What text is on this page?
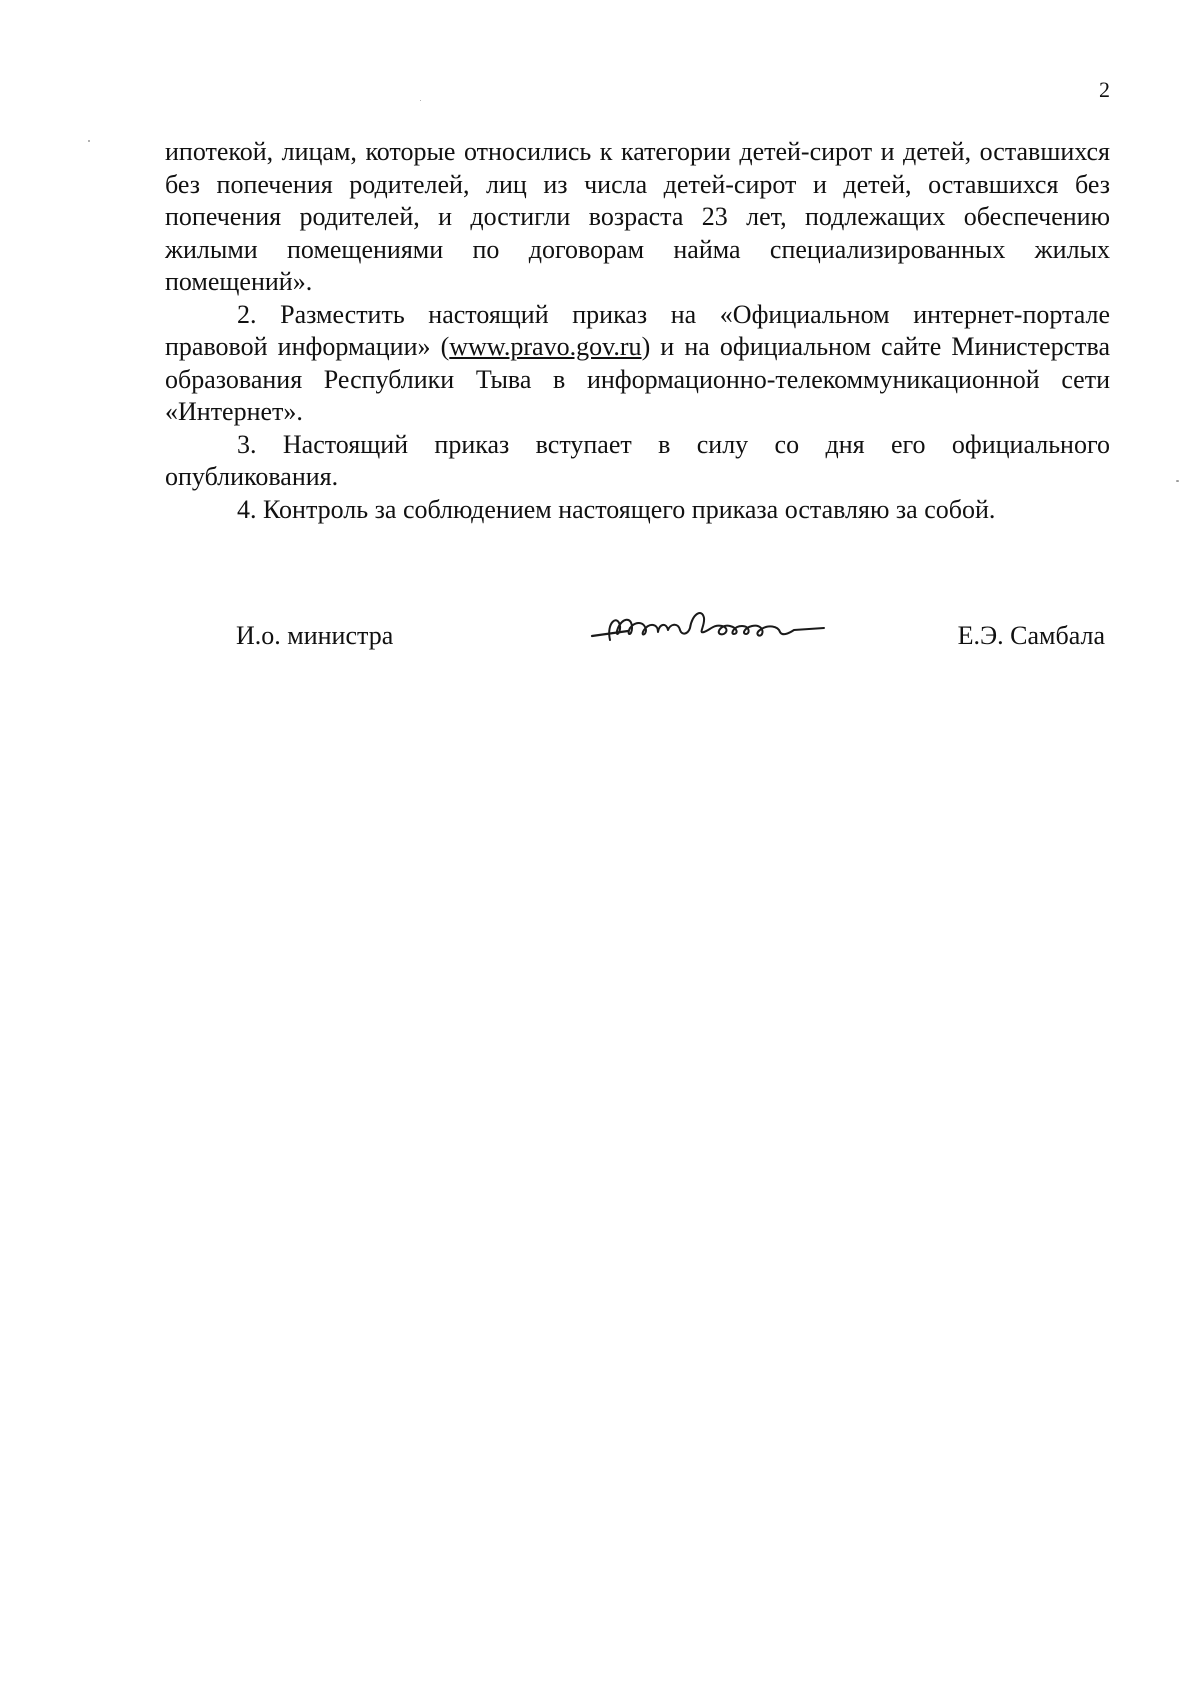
2

ипотекой, лицам, которые относились к категории детей-сирот и детей, оставшихся без попечения родителей, лиц из числа детей-сирот и детей, оставшихся без попечения родителей, и достигли возраста 23 лет, подлежащих обеспечению жилыми помещениями по договорам найма специализированных жилых помещений».

2. Разместить настоящий приказ на «Официальном интернет-портале правовой информации» (www.pravo.gov.ru) и на официальном сайте Министерства образования Республики Тыва в информационно-телекоммуникационной сети «Интернет».

3. Настоящий приказ вступает в силу со дня его официального опубликования.

4. Контроль за соблюдением настоящего приказа оставляю за собой.

И.о. министра	Е.Э. Самбала
